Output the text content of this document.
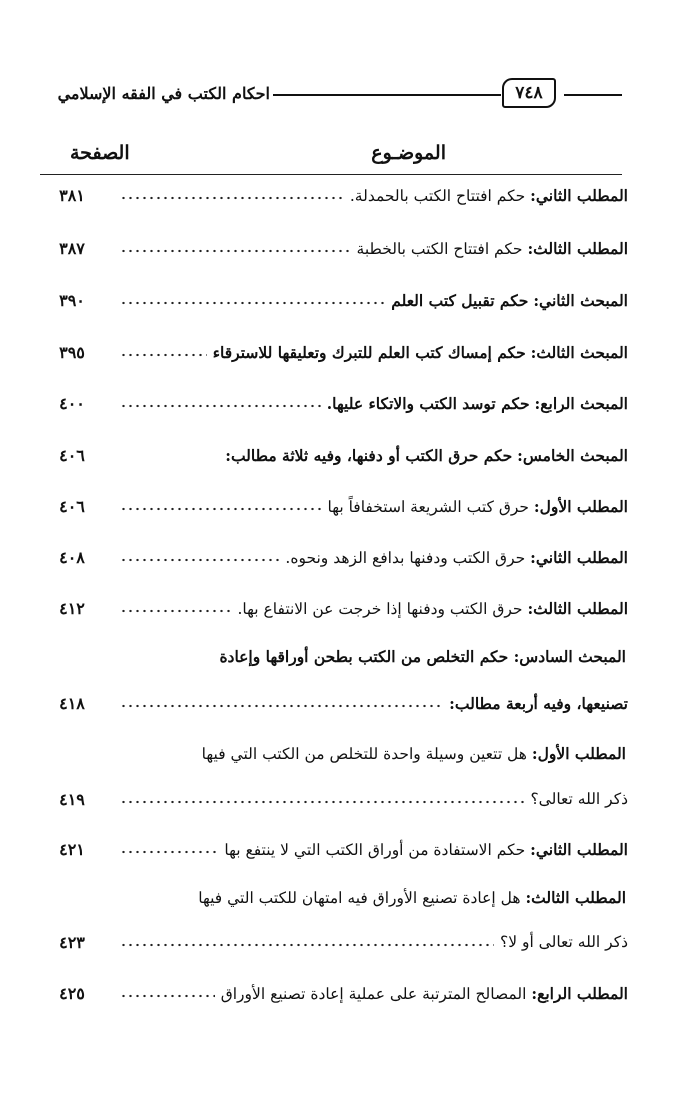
٧٤٨
احكام الكتب في الفقه الإسلامي
الموضـوع
الصفحة
المطلب الثاني: حكم افتتاح الكتب بالحمدلة.
٣٨١
المطلب الثالث: حكم افتتاح الكتب بالخطبة
٣٨٧
المبحث الثاني: حكم تقبيل كتب العلم
٣٩٠
المبحث الثالث: حكم إمساك كتب العلم للتبرك وتعليقها للاسترقاء
٣٩٥
المبحث الرابع: حكم توسد الكتب والاتكاء عليها.
٤٠٠
المبحث الخامس: حكم حرق الكتب أو دفنها، وفيه ثلاثة مطالب:
٤٠٦
المطلب الأول: حرق كتب الشريعة استخفافاً بها
٤٠٦
المطلب الثاني: حرق الكتب ودفنها بدافع الزهد ونحوه.
٤٠٨
المطلب الثالث: حرق الكتب ودفنها إذا خرجت عن الانتفاع بها.
٤١٢
المبحث السادس: حكم التخلص من الكتب بطحن أوراقها وإعادة
تصنيعها، وفيه أربعة مطالب:
٤١٨
المطلب الأول: هل تتعين وسيلة واحدة للتخلص من الكتب التي فيها
ذكر الله تعالى؟
٤١٩
المطلب الثاني: حكم الاستفادة من أوراق الكتب التي لا ينتفع بها
٤٢١
المطلب الثالث: هل إعادة تصنيع الأوراق فيه امتهان للكتب التي فيها
ذكر الله تعالى أو لا؟
٤٢٣
المطلب الرابع: المصالح المترتبة على عملية إعادة تصنيع الأوراق
٤٢٥
